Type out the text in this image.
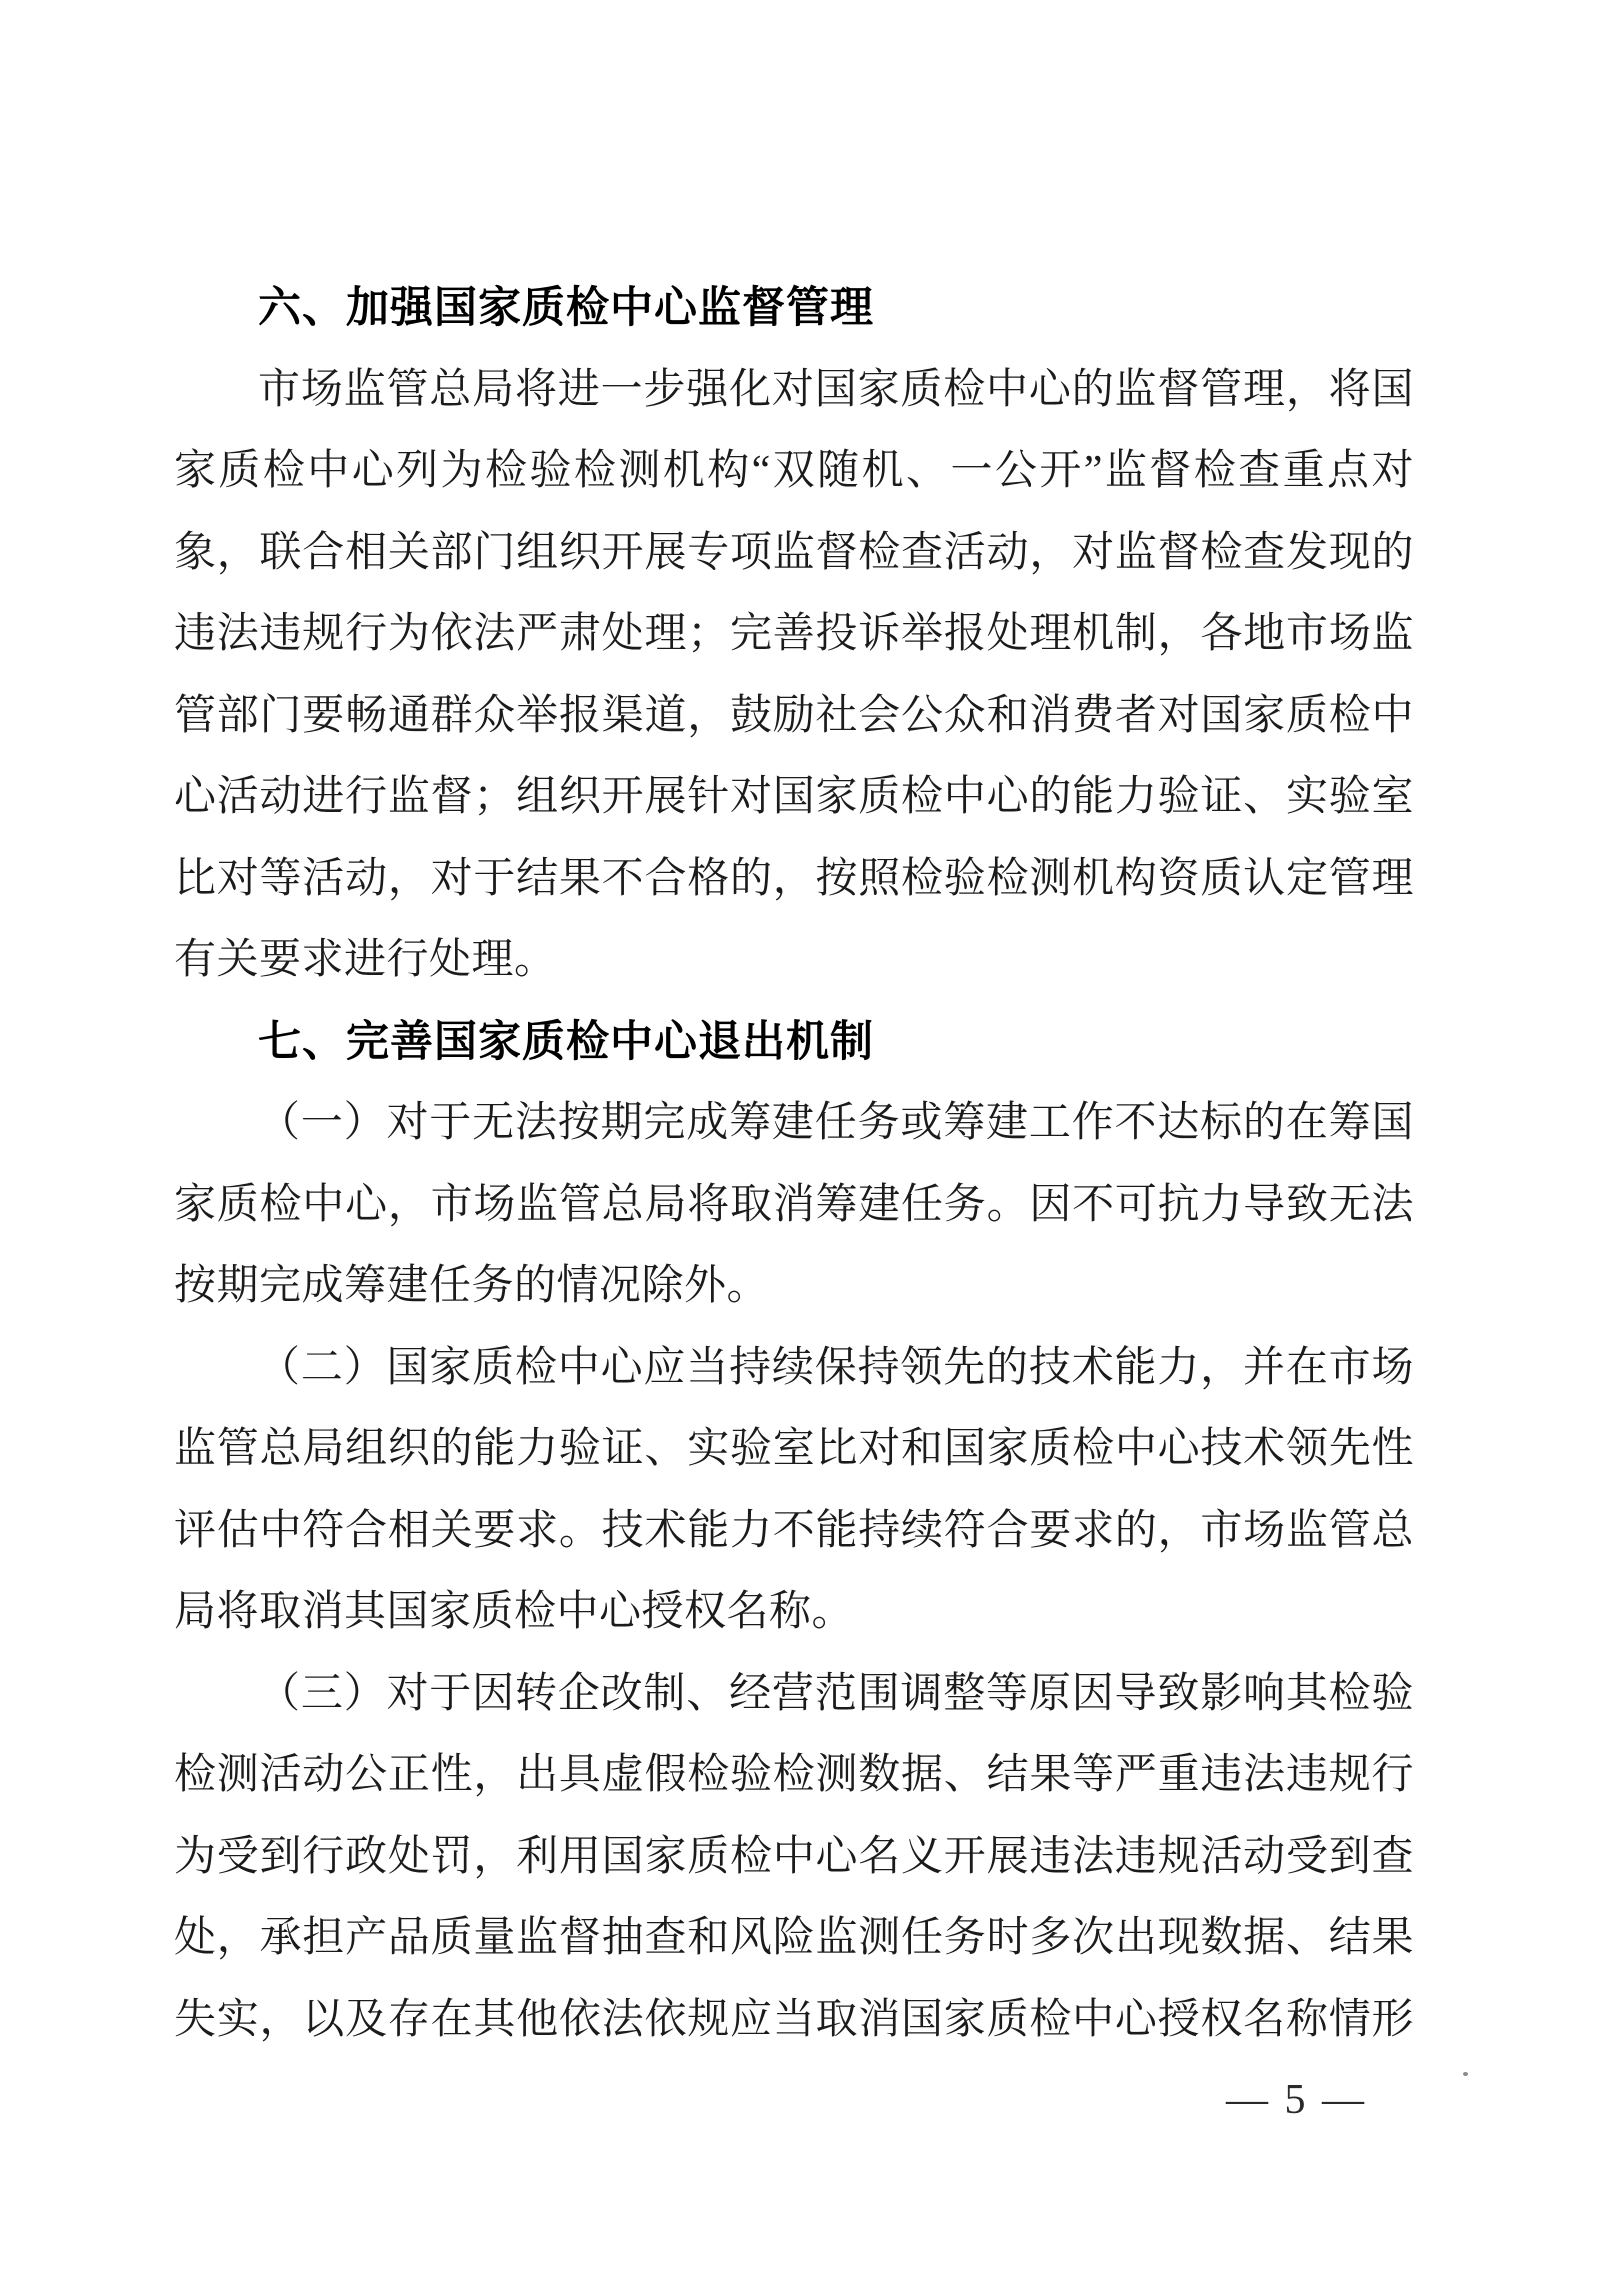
六、加强国家质检中心监督管理
市场监管总局将进一步强化对国家质检中心的监督管理，将国
家质检中心列为检验检测机构“双随机、一公开”监督检查重点对
象，联合相关部门组织开展专项监督检查活动，对监督检查发现的
违法违规行为依法严肃处理；完善投诉举报处理机制，各地市场监
管部门要畅通群众举报渠道，鼓励社会公众和消费者对国家质检中
心活动进行监督；组织开展针对国家质检中心的能力验证、实验室
比对等活动，对于结果不合格的，按照检验检测机构资质认定管理
有关要求进行处理。
七、完善国家质检中心退出机制
（一）对于无法按期完成筹建任务或筹建工作不达标的在筹国
家质检中心，市场监管总局将取消筹建任务。因不可抗力导致无法
按期完成筹建任务的情况除外。
（二）国家质检中心应当持续保持领先的技术能力，并在市场
监管总局组织的能力验证、实验室比对和国家质检中心技术领先性
评估中符合相关要求。技术能力不能持续符合要求的，市场监管总
局将取消其国家质检中心授权名称。
（三）对于因转企改制、经营范围调整等原因导致影响其检验
检测活动公正性，出具虚假检验检测数据、结果等严重违法违规行
为受到行政处罚，利用国家质检中心名义开展违法违规活动受到查
处，承担产品质量监督抽查和风险监测任务时多次出现数据、结果
失实，以及存在其他依法依规应当取消国家质检中心授权名称情形
— 5 —
